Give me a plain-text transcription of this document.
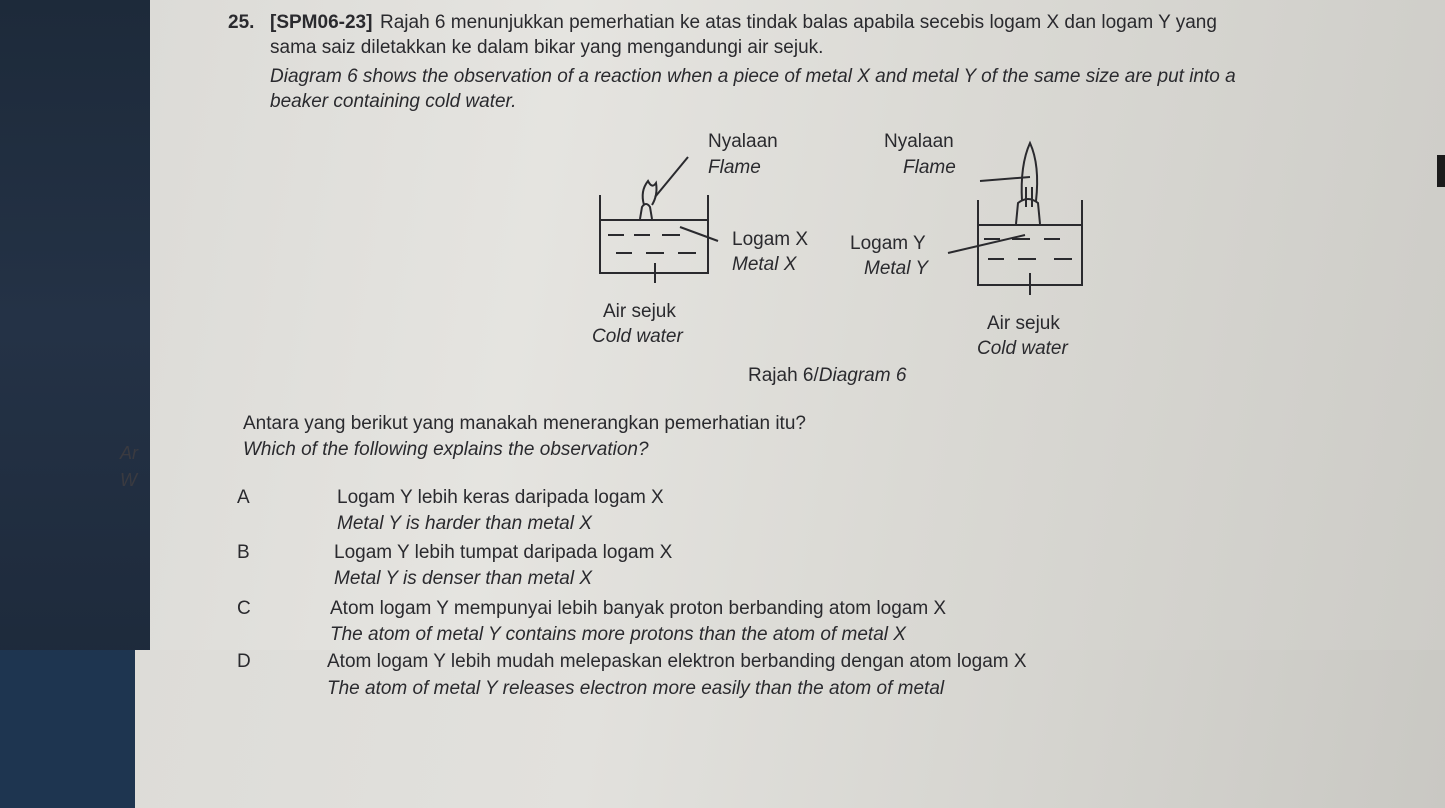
25. [SPM06-23] Rajah 6 menunjukkan pemerhatian ke atas tindak balas apabila secebis logam X dan logam Y yang
sama saiz diletakkan ke dalam bikar yang mengandungi air sejuk.
Diagram 6 shows the observation of a reaction when a piece of metal X and metal Y of the same size are put into a
beaker containing cold water.
Nyalaan
Flame
Logam X
Metal X
Air sejuk
Cold water
Nyalaan
Flame
Logam Y
Metal Y
Air sejuk
Cold water
Rajah 6/Diagram 6
Antara yang berikut yang manakah menerangkan pemerhatian itu?
Which of the following explains the observation?
Ar
W
A	Logam Y lebih keras daripada logam X
Metal Y is harder than metal X
B	Logam Y lebih tumpat daripada logam X
Metal Y is denser than metal X
C	Atom logam Y mempunyai lebih banyak proton berbanding atom logam X
The atom of metal Y contains more protons than the atom of metal X
D	Atom logam Y lebih mudah melepaskan elektron berbanding dengan atom logam X
The atom of metal Y releases electron more easily than the atom of metal
